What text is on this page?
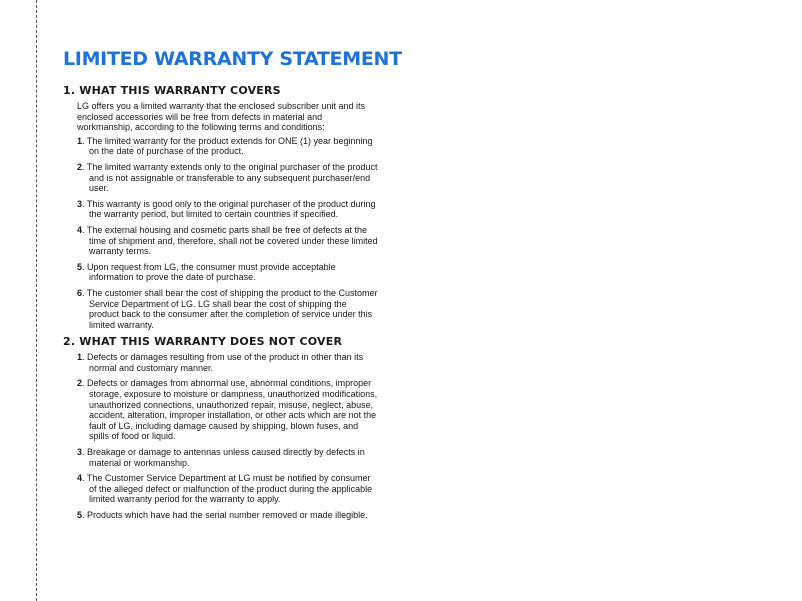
LIMITED WARRANTY STATEMENT
1. WHAT THIS WARRANTY COVERS

LG offers you a limited warranty that the enclosed subscriber unit and its enclosed accessories will be free from defects in material and workmanship, according to the following terms and conditions:

1. The limited warranty for the product extends for ONE (1) year beginning on the date of purchase of the product.
2. The limited warranty extends only to the original purchaser of the product and is not assignable or transferable to any subsequent purchaser/end user.
3. This warranty is good only to the original purchaser of the product during the warranty period, but limited to certain countries if specified.
4. The external housing and cosmetic parts shall be free of defects at the time of shipment and, therefore, shall not be covered under these limited warranty terms.
5. Upon request from LG, the consumer must provide acceptable information to prove the date of purchase.
6. The customer shall bear the cost of shipping the product to the Customer Service Department of LG. LG shall bear the cost of shipping the product back to the consumer after the completion of service under this limited warranty.
2. WHAT THIS WARRANTY DOES NOT COVER
1. Defects or damages resulting from use of the product in other than its normal and customary manner.
2. Defects or damages from abnormal use, abnormal conditions, improper storage, exposure to moisture or dampness, unauthorized modifications, unauthorized connections, unauthorized repair, misuse, neglect, abuse, accident, alteration, improper installation, or other acts which are not the fault of LG, including damage caused by shipping, blown fuses, and spills of food or liquid.
3. Breakage or damage to antennas unless caused directly by defects in material or workmanship.
4. The Customer Service Department at LG must be notified by consumer of the alleged defect or malfunction of the product during the applicable limited warranty period for the warranty to apply.
5. Products which have had the serial number removed or made illegible.
